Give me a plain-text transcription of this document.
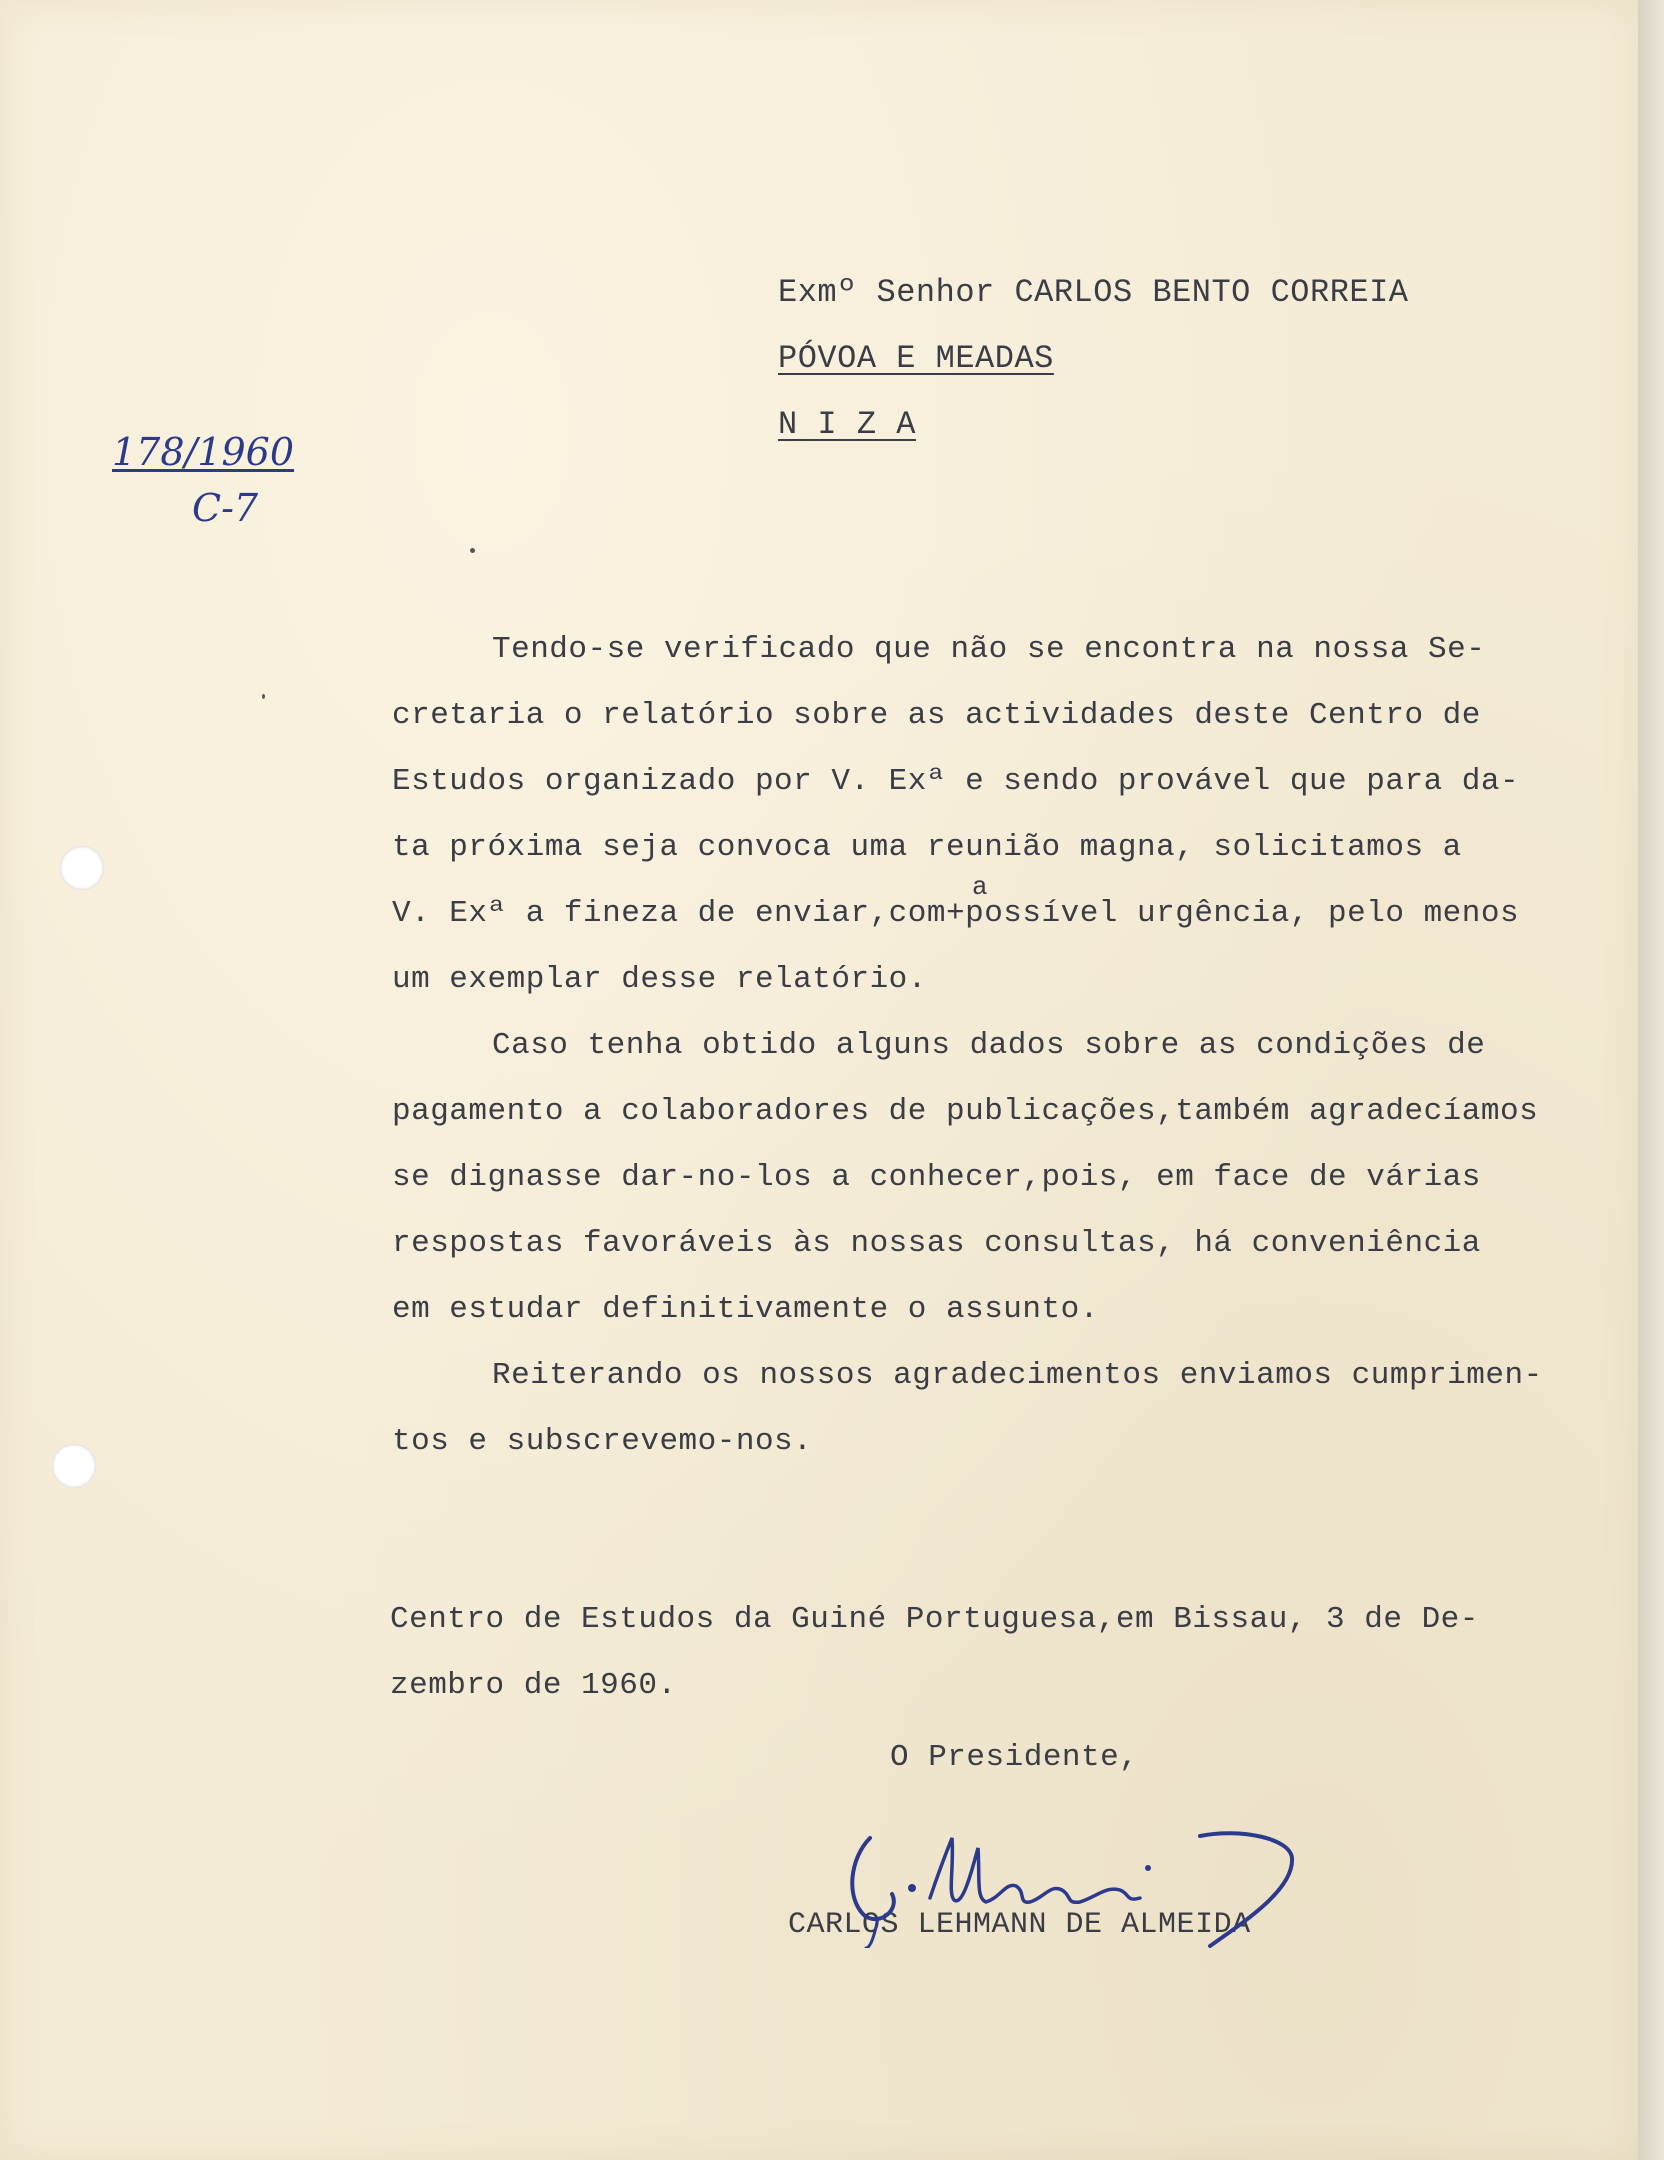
Exmº Senhor CARLOS BENTO CORREIA

PÓVOA E MEADAS

N I Z A

178/1960
C-7

Tendo-se verificado que não se encontra na nossa Se-

cretaria o relatório sobre as actividades deste Centro de

Estudos organizado por V. Exª e sendo provável que para da-

ta próxima seja convoca uma reunião magna, solicitamos a

a

V. Exª a fineza de enviar,com+possível urgência, pelo menos

um exemplar desse relatório.

Caso tenha obtido alguns dados sobre as condições de

pagamento a colaboradores de publicações,também agradecíamos

se dignasse dar-no-los a conhecer,pois, em face de várias

respostas favoráveis às nossas consultas, há conveniência

em estudar definitivamente o assunto.

Reiterando os nossos agradecimentos enviamos cumprimen-

tos e subscrevemo-nos.

Centro de Estudos da Guiné Portuguesa,em Bissau, 3 de De-

zembro de 1960.

O Presidente,

CARLOS LEHMANN DE ALMEIDA
